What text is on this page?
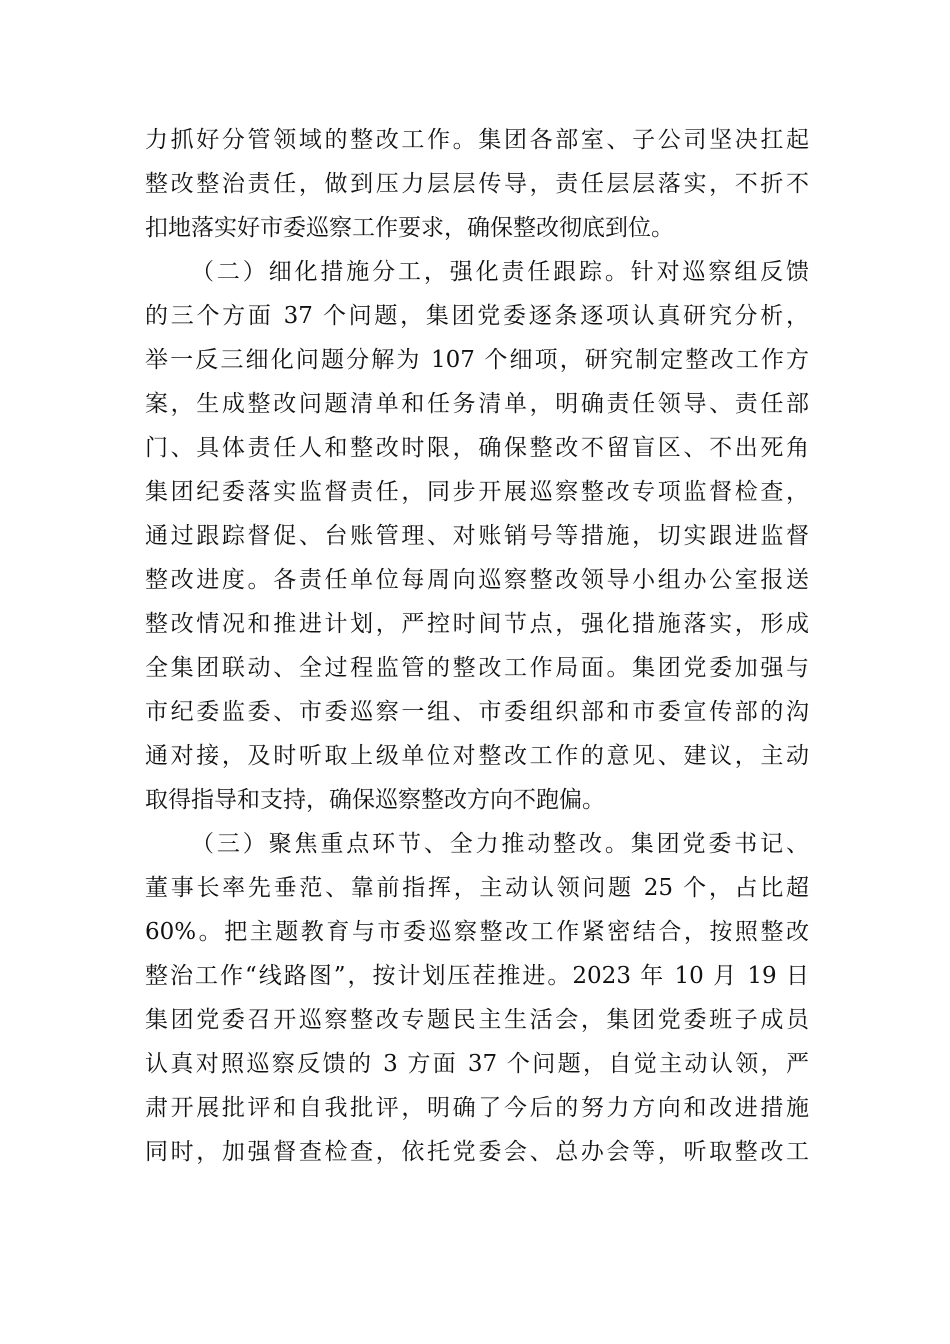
力抓好分管领域的整改工作。集团各部室、子公司坚决扛起
整改整治责任，做到压力层层传导，责任层层落实，不折不
扣地落实好市委巡察工作要求，确保整改彻底到位。
（二）细化措施分工，强化责任跟踪。针对巡察组反馈
的三个方面 37 个问题，集团党委逐条逐项认真研究分析，
举一反三细化问题分解为 107 个细项，研究制定整改工作方
案，生成整改问题清单和任务清单，明确责任领导、责任部
门、具体责任人和整改时限，确保整改不留盲区、不出死角
集团纪委落实监督责任，同步开展巡察整改专项监督检查，
通过跟踪督促、台账管理、对账销号等措施，切实跟进监督
整改进度。各责任单位每周向巡察整改领导小组办公室报送
整改情况和推进计划，严控时间节点，强化措施落实，形成
全集团联动、全过程监管的整改工作局面。集团党委加强与
市纪委监委、市委巡察一组、市委组织部和市委宣传部的沟
通对接，及时听取上级单位对整改工作的意见、建议，主动
取得指导和支持，确保巡察整改方向不跑偏。
（三）聚焦重点环节、全力推动整改。集团党委书记、
董事长率先垂范、靠前指挥，主动认领问题 25 个，占比超
60%。把主题教育与市委巡察整改工作紧密结合，按照整改
整治工作“线路图”，按计划压茬推进。2023 年 10 月 19 日
集团党委召开巡察整改专题民主生活会，集团党委班子成员
认真对照巡察反馈的 3 方面 37 个问题，自觉主动认领，严
肃开展批评和自我批评，明确了今后的努力方向和改进措施
同时，加强督查检查，依托党委会、总办会等，听取整改工
